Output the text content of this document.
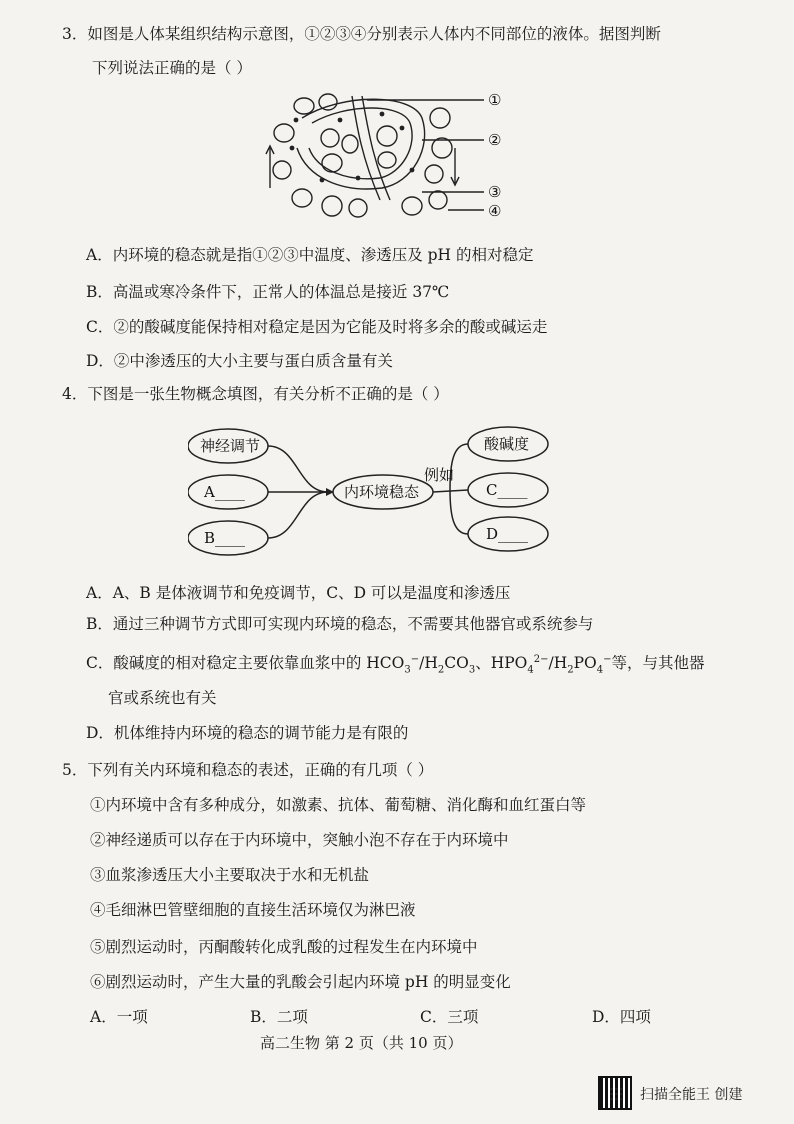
3．如图是人体某组织结构示意图，①②③④分别表示人体内不同部位的液体。据图判断
下列说法正确的是（ ）
①
②
③
④
A．内环境的稳态就是指①②③中温度、渗透压及 pH 的相对稳定
B．高温或寒冷条件下，正常人的体温总是接近 37℃
C．②的酸碱度能保持相对稳定是因为它能及时将多余的酸或碱运走
D．②中渗透压的大小主要与蛋白质含量有关
4．下图是一张生物概念填图，有关分析不正确的是（ ）
神经调节
A____
B____
内环境稳态
例如
酸碱度
C____
D____
A．A、B 是体液调节和免疫调节，C、D 可以是温度和渗透压
B．通过三种调节方式即可实现内环境的稳态，不需要其他器官或系统参与
C．酸碱度的相对稳定主要依靠血浆中的 $HCO_3^-/H_2CO_3$、$HPO_4^{2-}/H_2PO_4^-$等，与其他器
官或系统也有关
D．机体维持内环境的稳态的调节能力是有限的
5．下列有关内环境和稳态的表述，正确的有几项（ ）
①内环境中含有多种成分，如激素、抗体、葡萄糖、消化酶和血红蛋白等
②神经递质可以存在于内环境中，突触小泡不存在于内环境中
③血浆渗透压大小主要取决于水和无机盐
④毛细淋巴管壁细胞的直接生活环境仅为淋巴液
⑤剧烈运动时，丙酮酸转化成乳酸的过程发生在内环境中
⑥剧烈运动时，产生大量的乳酸会引起内环境 pH 的明显变化
A．一项	B．二项	C．三项	D．四项
高二生物 第 2 页（共 10 页）
扫描全能王 创建
